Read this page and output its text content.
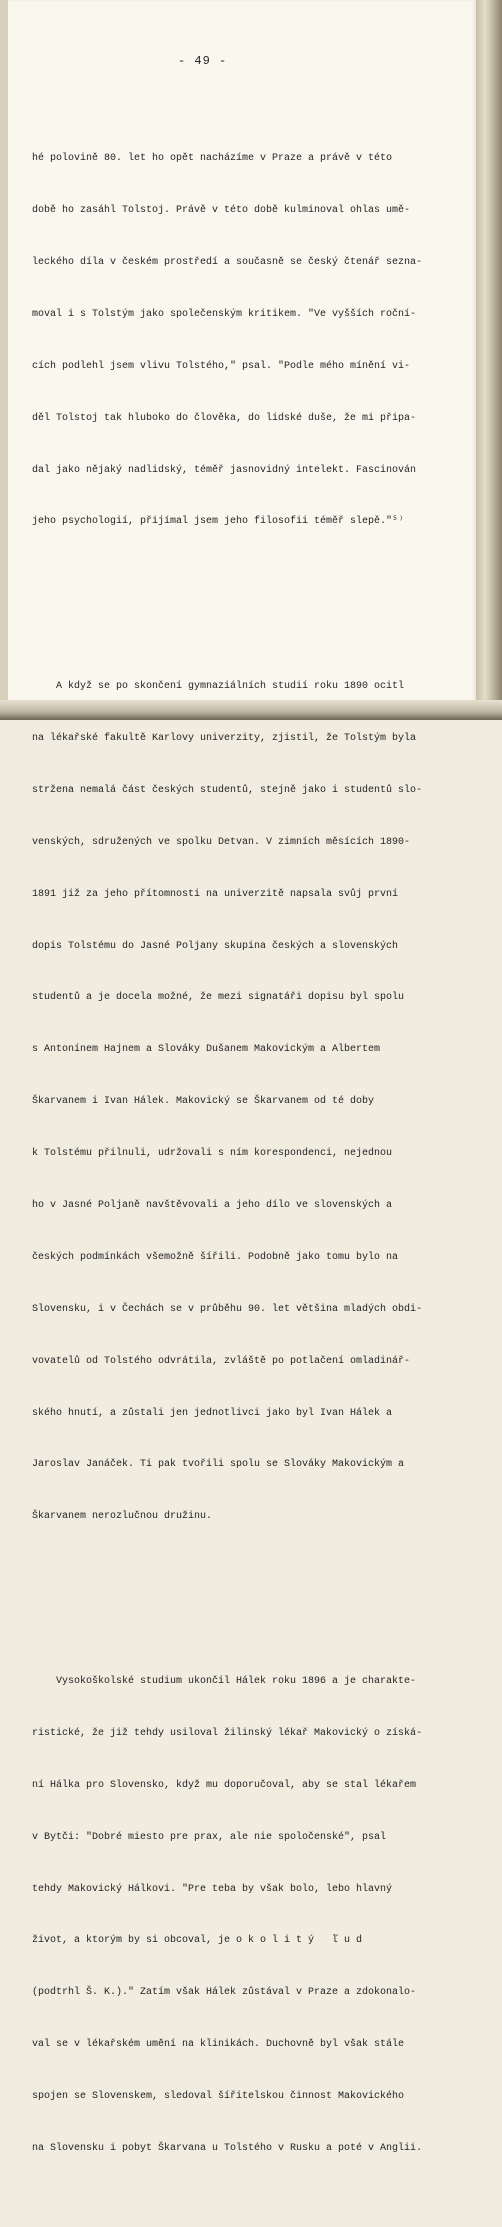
- 49 -

hé polovině 80. let ho opět nacházíme v Praze a právě v této

době ho zasáhl Tolstoj. Právě v této době kulminoval ohlas umě-

leckého díla v českém prostředí a současně se český čtenář sezna-

moval i s Tolstým jako společenským kritikem. "Ve vyšších roční-

cích podlehl jsem vlivu Tolstého," psal. "Podle mého mínění vi-

děl Tolstoj tak hluboko do člověka, do lidské duše, že mi připa-

dal jako nějaký nadlidský, téměř jasnovidný intelekt. Fascinován

jeho psychologií, přijímal jsem jeho filosofii téměř slepě."⁵⁾

A když se po skončení gymnaziálních studií roku 1890 ocitl

na lékařské fakultě Karlovy univerzity, zjistil, že Tolstým byla

stržena nemalá část českých studentů, stejně jako i studentů slo-

venských, sdružených ve spolku Detvan. V zimních měsících 1890-

1891 již za jeho přítomnosti na univerzitě napsala svůj první

dopis Tolstému do Jasné Poljany skupina českých a slovenských

studentů a je docela možné, že mezi signatáři dopisu byl spolu

s Antonínem Hajnem a Slováky Dušanem Makovickým a Albertem

Škarvanem i Ivan Hálek. Makovický se Škarvanem od té doby

k Tolstému přilnuli, udržovali s ním korespondenci, nejednou

ho v Jasné Poljaně navštěvovali a jeho dílo ve slovenských a

českých podmínkách všemožně šířili. Podobně jako tomu bylo na

Slovensku, i v Čechách se v průběhu 90. let většina mladých obdi-

vovatelů od Tolstého odvrátila, zvláště po potlačení omladinář-

ského hnutí, a zůstali jen jednotlivci jako byl Ivan Hálek a

Jaroslav Janáček. Ti pak tvořili spolu se Slováky Makovickým a

Škarvanem nerozlučnou družinu.

Vysokoškolské studium ukončil Hálek roku 1896 a je charakte-

ristické, že již tehdy usiloval žilinský lékař Makovický o získá-

ní Hálka pro Slovensko, když mu doporučoval, aby se stal lékařem

v Bytči: "Dobré miesto pre prax, ale nie spoločenské", psal

tehdy Makovický Hálkovi. "Pre teba by však bolo, lebo hlavný

život, a ktorým by si obcoval, je o k o l i t ý   ľ u d

(podtrhl Š. K.)." Zatím však Hálek zůstával v Praze a zdokonalo-

val se v lékařském umění na klinikách. Duchovně byl však stále

spojen se Slovenskem, sledoval šířitelskou činnost Makovického

na Slovensku i pobyt Škarvana u Tolstého v Rusku a poté v Anglii.
